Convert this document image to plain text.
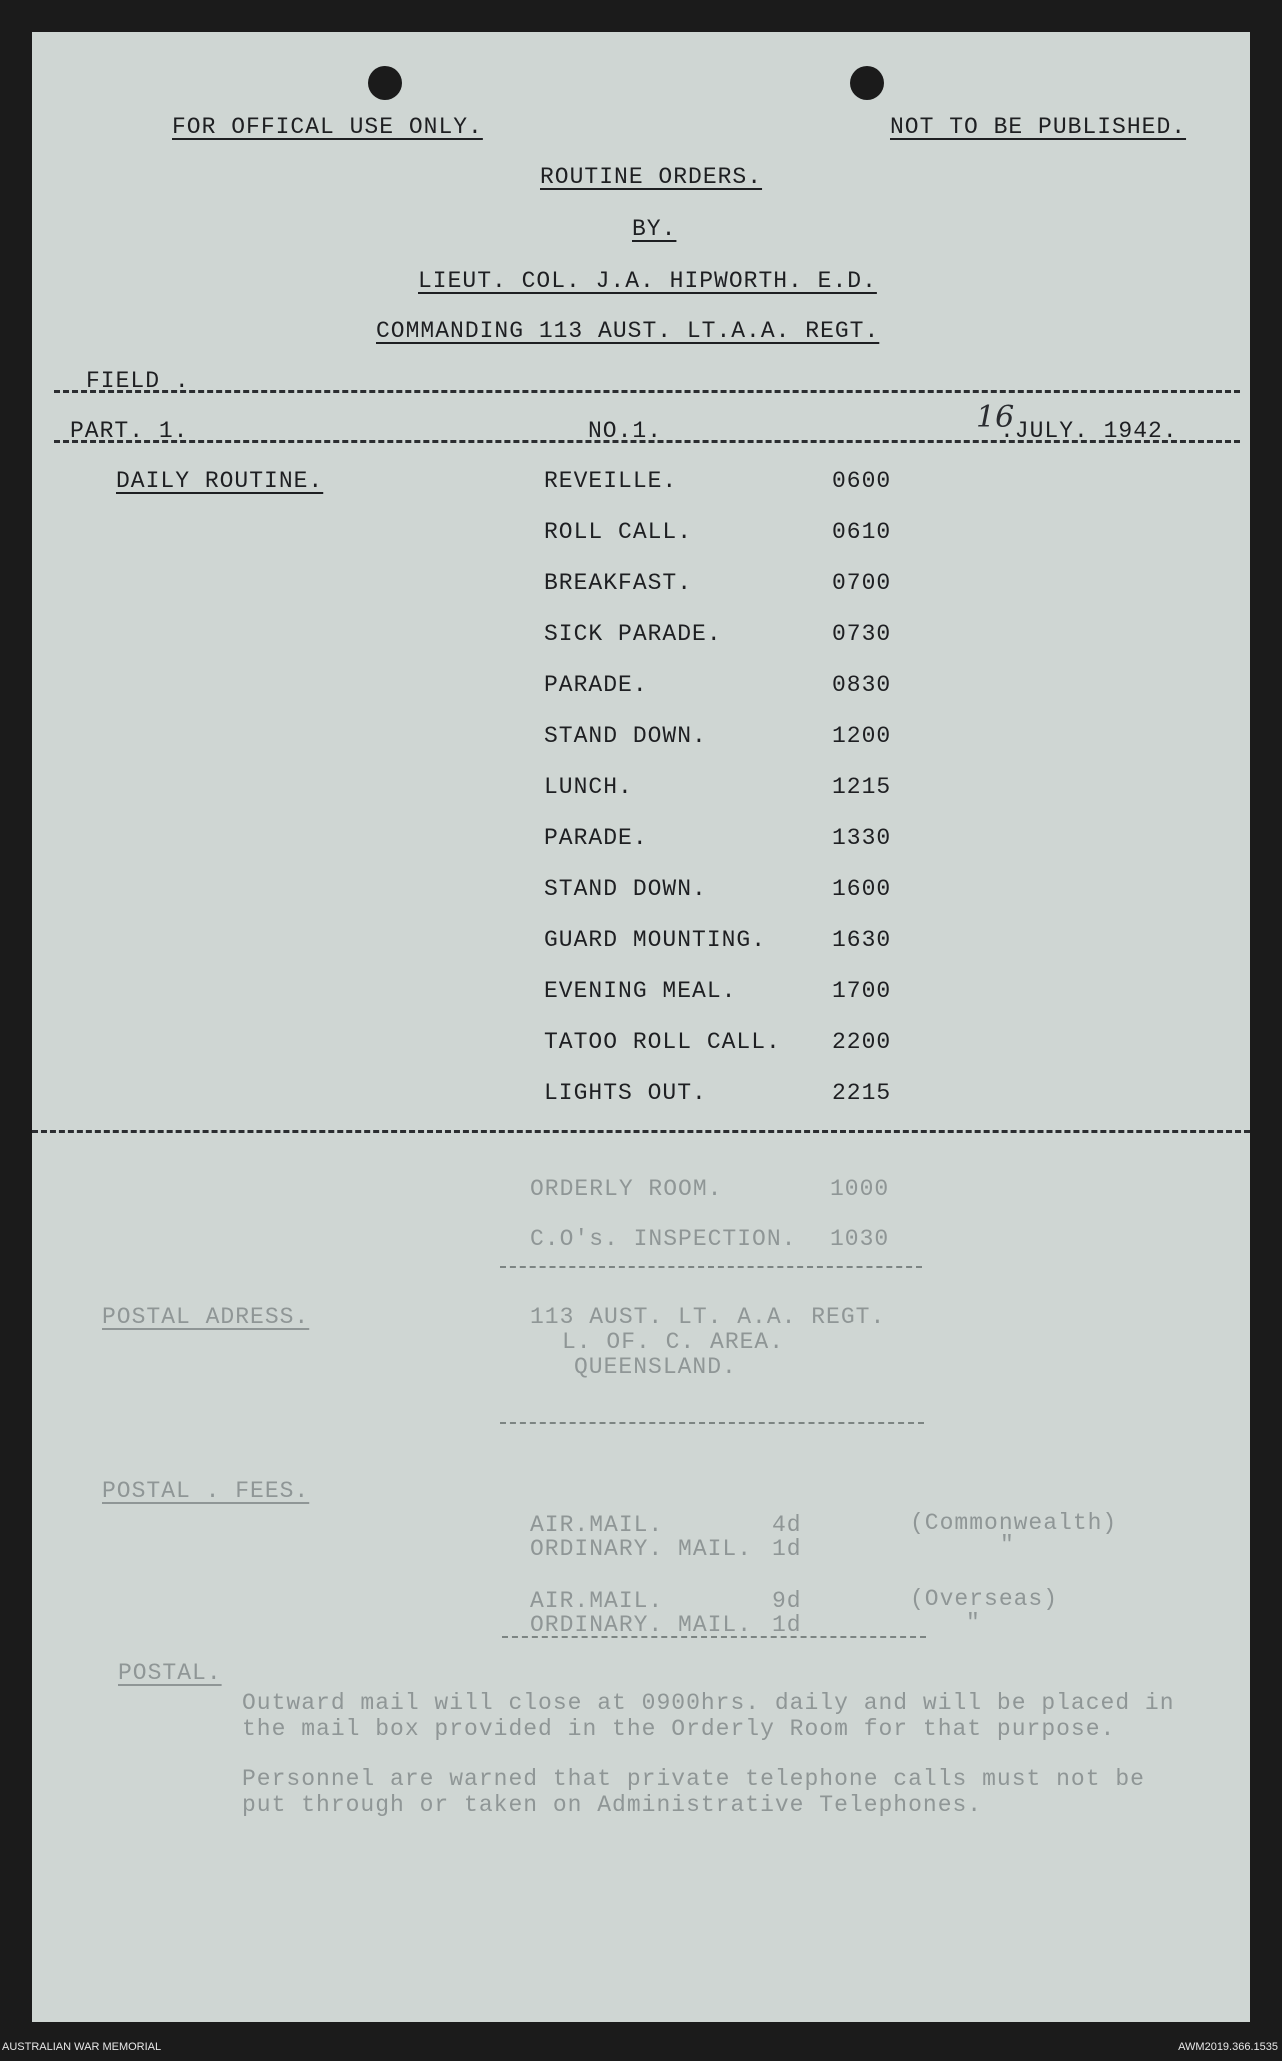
FOR OFFICAL USE ONLY.	NOT TO BE PUBLISHED.
ROUTINE ORDERS.
BY.
LIEUT. COL. J.A. HIPWORTH. E.D.
COMMANDING 113 AUST. LT.A.A. REGT.
FIELD .
PART. 1.	NO.1.	16
.JULY. 1942.
DAILY ROUTINE.	REVEILLE.	0600
ROLL CALL.	0610
BREAKFAST.	0700
SICK PARADE.	0730
PARADE.	0830
STAND DOWN.	1200
LUNCH.	1215
PARADE.	1330
STAND DOWN.	1600
GUARD MOUNTING.	1630
EVENING MEAL.	1700
TATOO ROLL CALL. 2200
LIGHTS OUT.	2215
ORDERLY ROOM.	1000
C.O's. INSPECTION. 1030
POSTAL ADRESS.	113 AUST. LT. A.A. REGT.
L. OF. C. AREA.
QUEENSLAND.
POSTAL . FEES.
AIR.MAIL.	4d	(Commonwealth)
ORDINARY. MAIL. 1d	"
AIR.MAIL.	9d	(Overseas)
ORDINARY. MAIL. 1d	"
POSTAL.
Outward mail will close at 0900hrs. daily and will be placed in
the mail box provided in the Orderly Room for that purpose.
Personnel are warned that private telephone calls must not be
put through or taken on Administrative Telephones.
AUSTRALIAN WAR MEMORIAL	AWM2019.366.1535
